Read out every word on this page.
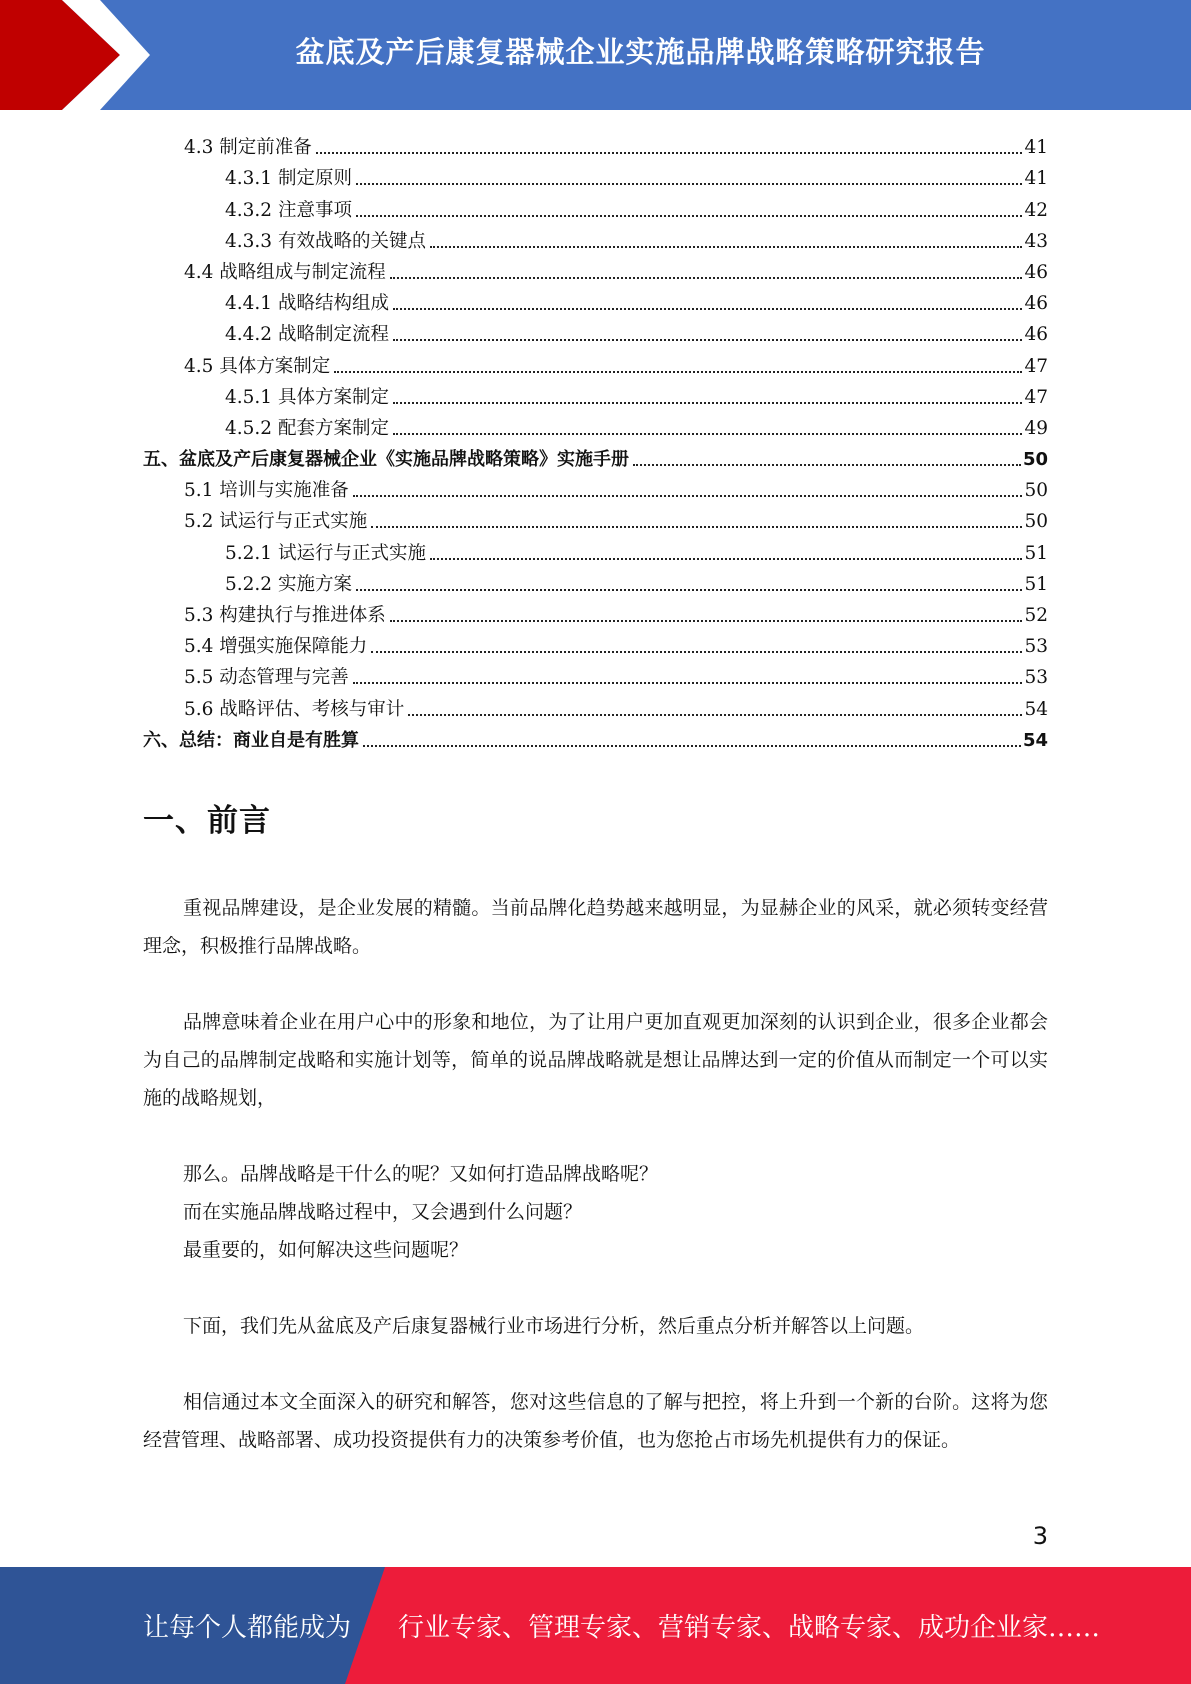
盆底及产后康复器械企业实施品牌战略策略研究报告
4.3 制定前准备	41
4.3.1 制定原则	41
4.3.2 注意事项	42
4.3.3 有效战略的关键点	43
4.4 战略组成与制定流程	46
4.4.1 战略结构组成	46
4.4.2 战略制定流程	46
4.5 具体方案制定	47
4.5.1 具体方案制定	47
4.5.2 配套方案制定	49
五、盆底及产后康复器械企业《实施品牌战略策略》实施手册	50
5.1 培训与实施准备	50
5.2 试运行与正式实施	50
5.2.1 试运行与正式实施	51
5.2.2 实施方案	51
5.3 构建执行与推进体系	52
5.4 增强实施保障能力	53
5.5 动态管理与完善	53
5.6 战略评估、考核与审计	54
六、总结：商业自是有胜算	54
一、前言
重视品牌建设，是企业发展的精髓。当前品牌化趋势越来越明显，为显赫企业的风采，就必须转变经营理念，积极推行品牌战略。
品牌意味着企业在用户心中的形象和地位，为了让用户更加直观更加深刻的认识到企业，很多企业都会为自己的品牌制定战略和实施计划等，简单的说品牌战略就是想让品牌达到一定的价值从而制定一个可以实施的战略规划，
那么。品牌战略是干什么的呢？又如何打造品牌战略呢？
而在实施品牌战略过程中，又会遇到什么问题？
最重要的，如何解决这些问题呢？
下面，我们先从盆底及产后康复器械行业市场进行分析，然后重点分析并解答以上问题。
相信通过本文全面深入的研究和解答，您对这些信息的了解与把控，将上升到一个新的台阶。这将为您经营管理、战略部署、成功投资提供有力的决策参考价值，也为您抢占市场先机提供有力的保证。
3
让每个人都能成为 行业专家、管理专家、营销专家、战略专家、成功企业家……
